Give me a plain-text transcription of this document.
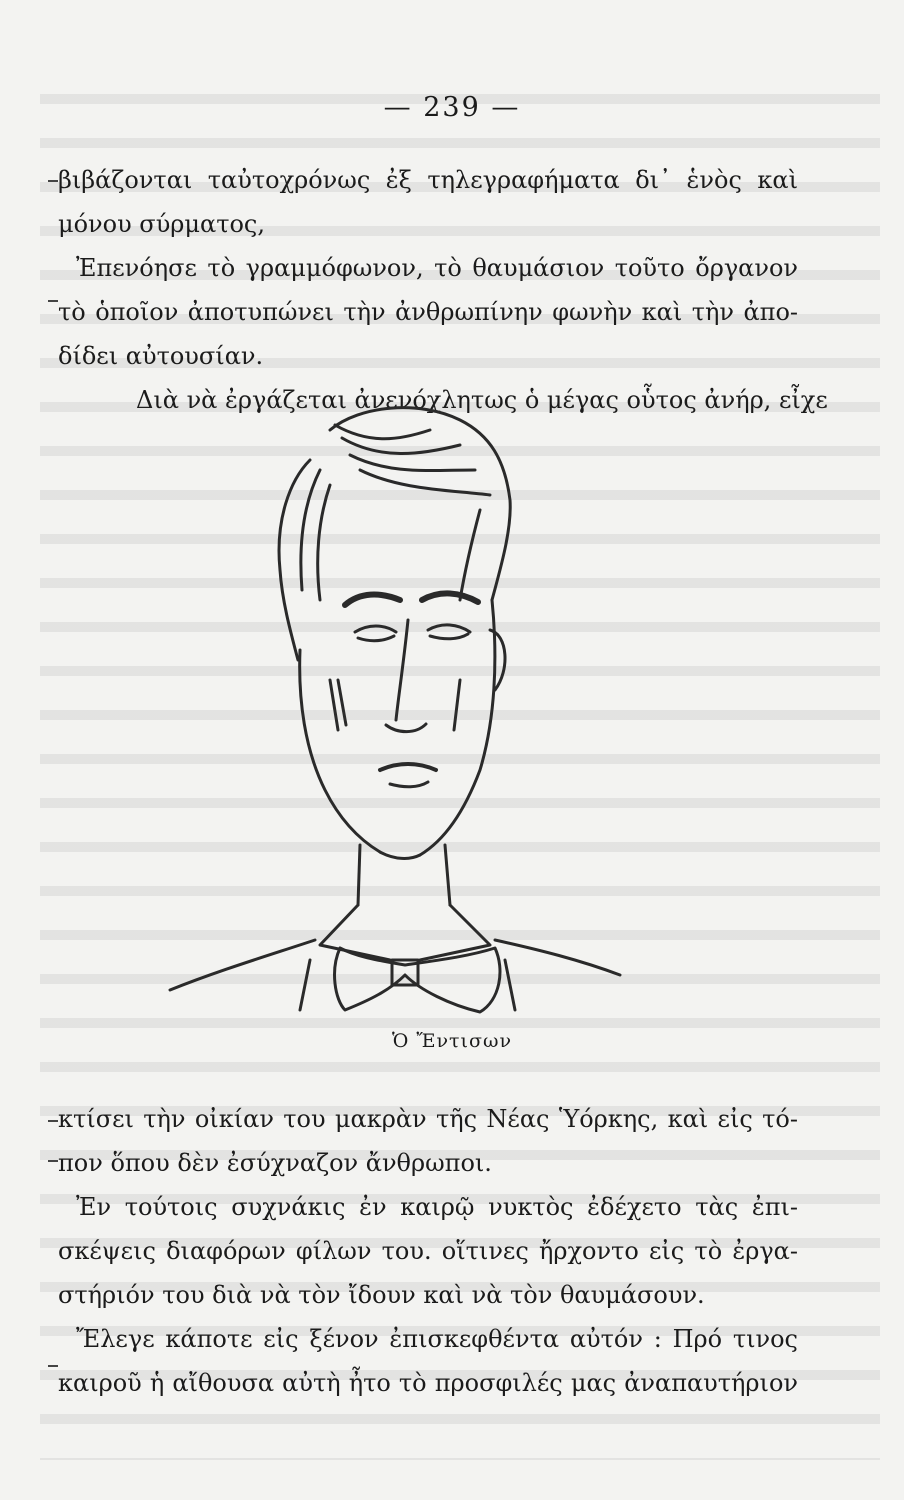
— 239 —
βιβάζονται ταὐτοχρόνως ἐξ τηλεγραφήματα δι᾽ ἑνὸς καὶ
μόνου σύρματος,
Ἐπενόησε τὸ γραμμόφωνον, τὸ θαυμάσιον τοῦτο ὄργανον
τὸ ὁποῖον ἀποτυπώνει τὴν ἀνθρωπίνην φωνὴν καὶ τὴν ἀπο-
δίδει αὐτουσίαν.
Διὰ νὰ ἐργάζεται ἀνενόχλητως ὁ μέγας οὗτος ἀνήρ, εἶχε
Ὁ Ἔντισων
κτίσει τὴν οἰκίαν του μακρὰν τῆς Νέας Ὑόρκης, καὶ εἰς τό-
πον ὅπου δὲν ἐσύχναζον ἄνθρωποι.
Ἐν τούτοις συχνάκις ἐν καιρῷ νυκτὸς ἐδέχετο τὰς ἐπι-
σκέψεις διαφόρων φίλων του. οἵτινες ἤρχοντο εἰς τὸ ἐργα-
στήριόν του διὰ νὰ τὸν ἴδουν καὶ νὰ τὸν θαυμάσουν.
Ἔλεγε κάποτε εἰς ξένον ἐπισκεφθέντα αὐτόν : Πρό τινος
καιροῦ ἡ αἴθουσα αὐτὴ ἦτο τὸ προσφιλές μας ἀναπαυτήριον
